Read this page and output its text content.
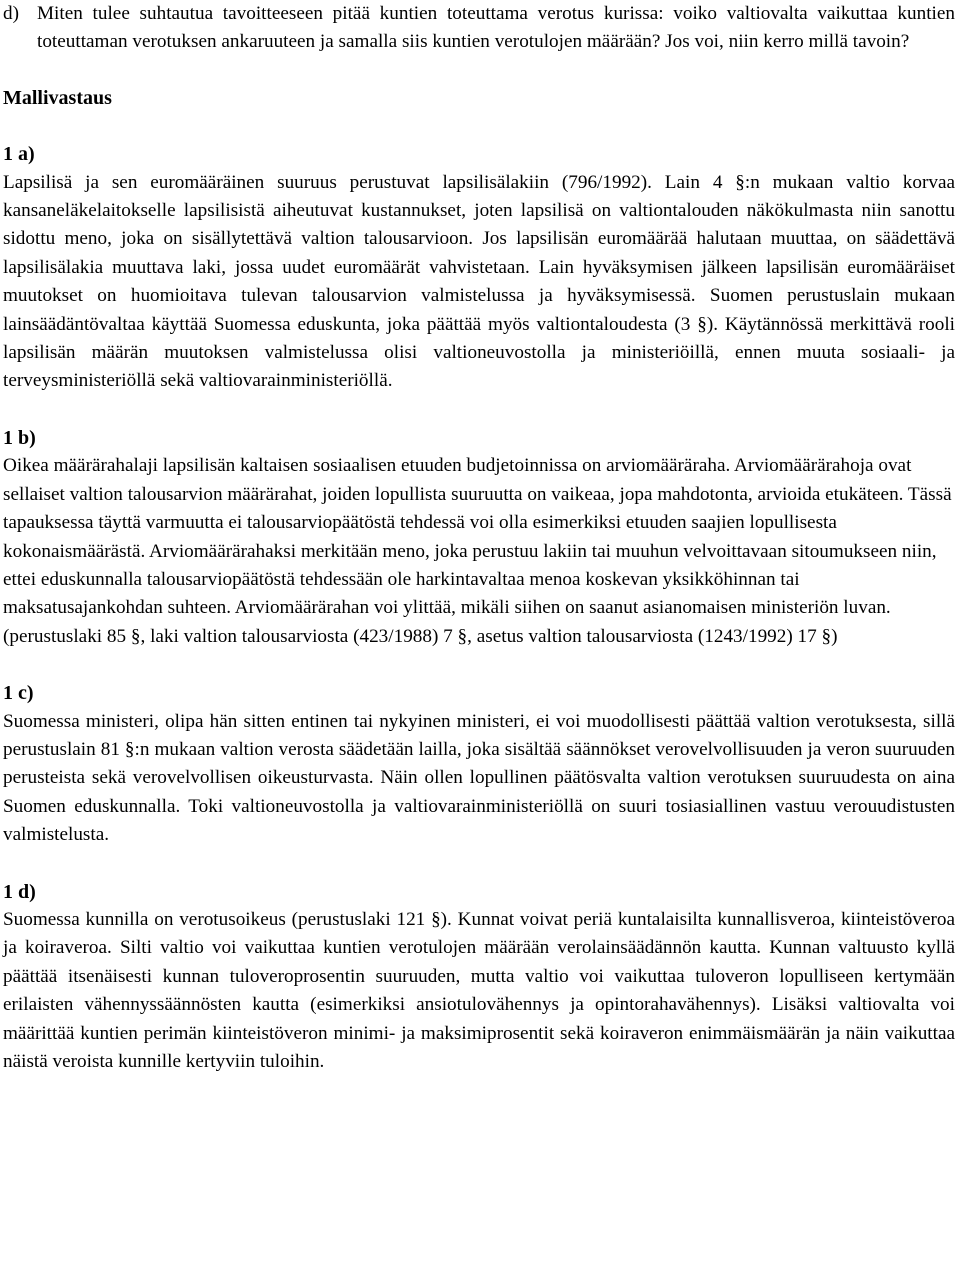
d) Miten tulee suhtautua tavoitteeseen pitää kuntien toteuttama verotus kurissa: voiko valtiovalta vaikuttaa kuntien toteuttaman verotuksen ankaruuteen ja samalla siis kuntien verotulojen määrään? Jos voi, niin kerro millä tavoin?

Mallivastaus

1 a)

Lapsilisä ja sen euromääräinen suuruus perustuvat lapsilisälakiin (796/1992). Lain 4 §:n mukaan valtio korvaa kansaneläkelaitokselle lapsilisistä aiheutuvat kustannukset, joten lapsilisä on valtiontalouden näkökulmasta niin sanottu sidottu meno, joka on sisällytettävä valtion talousarvioon. Jos lapsilisän euromäärää halutaan muuttaa, on säädettävä lapsilisälakia muuttava laki, jossa uudet euromäärät vahvistetaan. Lain hyväksymisen jälkeen lapsilisän euromääräiset muutokset on huomioitava tulevan talousarvion valmistelussa ja hyväksymisessä. Suomen perustuslain mukaan lainsäädäntövaltaa käyttää Suomessa eduskunta, joka päättää myös valtiontaloudesta (3 §). Käytännössä merkittävä rooli lapsilisän määrän muutoksen valmistelussa olisi valtioneuvostolla ja ministeriöillä, ennen muuta sosiaali- ja terveysministeriöllä sekä valtiovarainministeriöllä.

1 b)

Oikea määrärahalaji lapsilisän kaltaisen sosiaalisen etuuden budjetoinnissa on arviomääräraha. Arviomäärärahoja ovat sellaiset valtion talousarvion määrärahat, joiden lopullista suuruutta on vaikeaa, jopa mahdotonta, arvioida etukäteen. Tässä tapauksessa täyttä varmuutta ei talousarviopäätöstä tehdessä voi olla esimerkiksi etuuden saajien lopullisesta kokonaismäärästä. Arviomäärärahaksi merkitään meno, joka perustuu lakiin tai muuhun velvoittavaan sitoumukseen niin, ettei eduskunnalla talousarviopäätöstä tehdessään ole harkintavaltaa menoa koskevan yksikköhinnan tai maksatusajankohdan suhteen. Arviomäärärahan voi ylittää, mikäli siihen on saanut asianomaisen ministeriön luvan. (perustuslaki 85 §, laki valtion talousarviosta (423/1988) 7 §, asetus valtion talousarviosta (1243/1992) 17 §)

1 c)

Suomessa ministeri, olipa hän sitten entinen tai nykyinen ministeri, ei voi muodollisesti päättää valtion verotuksesta, sillä perustuslain 81 §:n mukaan valtion verosta säädetään lailla, joka sisältää säännökset verovelvollisuuden ja veron suuruuden perusteista sekä verovelvollisen oikeusturvasta. Näin ollen lopullinen päätösvalta valtion verotuksen suuruudesta on aina Suomen eduskunnalla. Toki valtioneuvostolla ja valtiovarainministeriöllä on suuri tosiasiallinen vastuu verouudistusten valmistelusta.

1 d)

Suomessa kunnilla on verotusoikeus (perustuslaki 121 §). Kunnat voivat periä kuntalaisilta kunnallisveroa, kiinteistöveroa ja koiraveroa. Silti valtio voi vaikuttaa kuntien verotulojen määrään verolainsäädännön kautta. Kunnan valtuusto kyllä päättää itsenäisesti kunnan tuloveroprosentin suuruuden, mutta valtio voi vaikuttaa tuloveron lopulliseen kertymään erilaisten vähennyssäännösten kautta (esimerkiksi ansiotulovähennys ja opintorahavähennys). Lisäksi valtiovalta voi määrittää kuntien perimän kiinteistöveron minimi- ja maksimiprosentit sekä koiraveron enimmäismäärän ja näin vaikuttaa näistä veroista kunnille kertyviin tuloihin.
